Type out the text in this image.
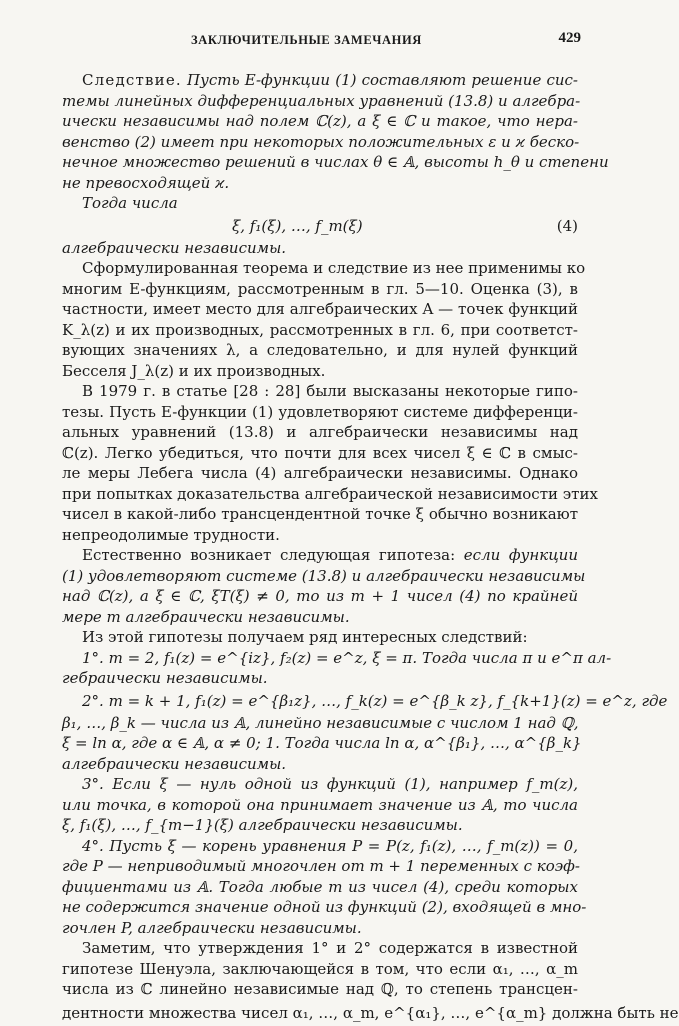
ЗАКЛЮЧИТЕЛЬНЫЕ ЗАМЕЧАНИЯ	429
Следствие. Пусть E-функции (1) составляют решение сис-
темы линейных дифференциальных уравнений (13.8) и алгебра-
ически независимы над полем ℂ(z), a ξ ∈ ℂ и такое, что нера-
венство (2) имеет при некоторых положительных ε и ϰ беско-
нечное множество решений в числах θ ∈ 𝔸, высоты h_θ и степени
не превосходящей ϰ.
Тогда числа
ξ, f₁(ξ), …, f_m(ξ)	(4)
алгебраически независимы.
Сформулированная теорема и следствие из нее применимы ко
многим E-функциям, рассмотренным в гл. 5—10. Оценка (3), в
частности, имеет место для алгебраических A — точек функций
K_λ(z) и их производных, рассмотренных в гл. 6, при соответст-
вующих значениях λ, а следовательно, и для нулей функций
Бесселя J_λ(z) и их производных.
В 1979 г. в статье [28 : 28] были высказаны некоторые гипо-
тезы. Пусть E-функции (1) удовлетворяют системе дифференци-
альных уравнений (13.8) и алгебраически независимы над
ℂ(z). Легко убедиться, что почти для всех чисел ξ ∈ ℂ в смыс-
ле меры Лебега числа (4) алгебраически независимы. Однако
при попытках доказательства алгебраической независимости этих
чисел в какой-либо трансцендентной точке ξ обычно возникают
непреодолимые трудности.
Естественно возникает следующая гипотеза: если функции
(1) удовлетворяют системе (13.8) и алгебраически независимы
над ℂ(z), a ξ ∈ ℂ, ξT(ξ) ≠ 0, то из m + 1 чисел (4) по крайней
мере m алгебраически независимы.
Из этой гипотезы получаем ряд интересных следствий:
1°. m = 2, f₁(z) = e^{iz}, f₂(z) = e^z, ξ = π. Тогда числа π и e^π ал-
гебраически независимы.
2°. m = k + 1, f₁(z) = e^{β₁z}, …, f_k(z) = e^{β_k z}, f_{k+1}(z) = e^z, где
β₁, …, β_k — числа из 𝔸, линейно независимые с числом 1 над ℚ,
ξ = ln α, где α ∈ 𝔸, α ≠ 0; 1. Тогда числа ln α, α^{β₁}, …, α^{β_k}
алгебраически независимы.
3°. Если ξ — нуль одной из функций (1), например f_m(z),
или точка, в которой она принимает значение из 𝔸, то числа
ξ, f₁(ξ), …, f_{m−1}(ξ) алгебраически независимы.
4°. Пусть ξ — корень уравнения P = P(z, f₁(z), …, f_m(z)) = 0,
где P — неприводимый многочлен от m + 1 переменных с коэф-
фициентами из 𝔸. Тогда любые m из чисел (4), среди которых
не содержится значение одной из функций (2), входящей в мно-
гочлен P, алгебраически независимы.
Заметим, что утверждения 1° и 2° содержатся в известной
гипотезе Шенуэла, заключающейся в том, что если α₁, …, α_m
числа из ℂ линейно независимые над ℚ, то степень трансцен-
дентности множества чисел α₁, …, α_m, e^{α₁}, …, e^{α_m} должна быть не
